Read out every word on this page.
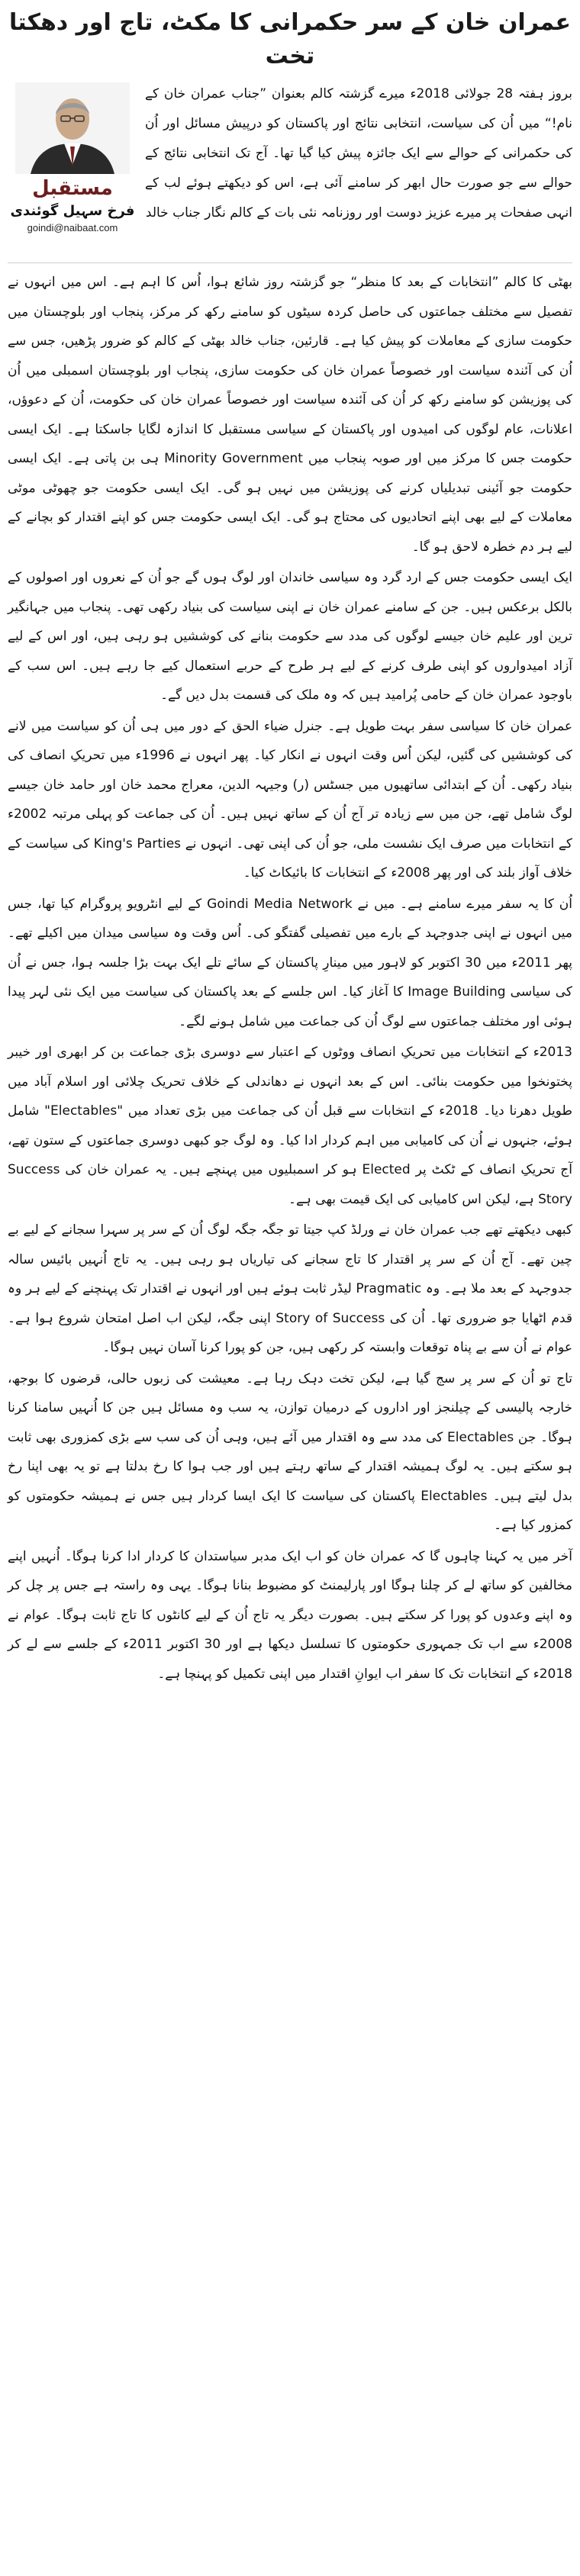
عمران خان کے سر حکمرانی کا مکٹ، تاج اور دھکتا تخت

بروز ہفتہ 28 جولائی 2018ء میرے گزشتہ کالم بعنوان ”جناب عمران خان کے نام!“ میں اُن کی سیاست، انتخابی نتائج اور پاکستان کو درپیش مسائل اور اُن کی حکمرانی کے حوالے سے ایک جائزہ پیش کیا گیا تھا۔ آج تک انتخابی نتائج کے حوالے سے جو صورت حال ابھر کر سامنے آئی ہے، اس کو دیکھتے ہوئے لب کے انہی صفحات پر میرے عزیز دوست اور روزنامہ نئی بات کے کالم نگار جناب خالد

مستقبل
فرخ سہیل گوئندی
goindi@naibaat.com

بھٹی کا کالم ”انتخابات کے بعد کا منظر“ جو گزشتہ روز شائع ہوا، اُس کا اہم ہے۔ اس میں انہوں نے تفصیل سے مختلف جماعتوں کی حاصل کردہ سیٹوں کو سامنے رکھ کر مرکز، پنجاب اور بلوچستان میں حکومت سازی کے معاملات کو پیش کیا ہے۔ قارئین، جناب خالد بھٹی کے کالم کو ضرور پڑھیں، جس سے اُن کی آئندہ سیاست اور خصوصاً عمران خان کی حکومت سازی، پنجاب اور بلوچستان اسمبلی میں اُن کی پوزیشن کو سامنے رکھ کر اُن کی آئندہ سیاست اور خصوصاً عمران خان کی حکومت، اُن کے دعوؤں، اعلانات، عام لوگوں کی امیدوں اور پاکستان کے سیاسی مستقبل کا اندازہ لگایا جاسکتا ہے۔ ایک ایسی حکومت جس کا مرکز میں اور صوبہ پنجاب میں Minority Government ہی بن پاتی ہے۔ ایک ایسی حکومت جو آئینی تبدیلیاں کرنے کی پوزیشن میں نہیں ہو گی۔ ایک ایسی حکومت جو چھوٹی موٹی معاملات کے لیے بھی اپنے اتحادیوں کی محتاج ہو گی۔ ایک ایسی حکومت جس کو اپنے اقتدار کو بچانے کے لیے ہر دم خطرہ لاحق ہو گا۔

ایک ایسی حکومت جس کے ارد گرد وہ سیاسی خاندان اور لوگ ہوں گے جو اُن کے نعروں اور اصولوں کے بالکل برعکس ہیں۔ جن کے سامنے عمران خان نے اپنی سیاست کی بنیاد رکھی تھی۔ پنجاب میں جہانگیر ترین اور علیم خان جیسے لوگوں کی مدد سے حکومت بنانے کی کوششیں ہو رہی ہیں، اور اس کے لیے آزاد امیدواروں کو اپنی طرف کرنے کے لیے ہر طرح کے حربے استعمال کیے جا رہے ہیں۔ اس سب کے باوجود عمران خان کے حامی پُرامید ہیں کہ وہ ملک کی قسمت بدل دیں گے۔

عمران خان کا سیاسی سفر بہت طویل ہے۔ جنرل ضیاء الحق کے دور میں ہی اُن کو سیاست میں لانے کی کوششیں کی گئیں، لیکن اُس وقت انہوں نے انکار کیا۔ پھر انہوں نے 1996ء میں تحریکِ انصاف کی بنیاد رکھی۔ اُن کے ابتدائی ساتھیوں میں جسٹس (ر) وجیہہ الدین، معراج محمد خان اور حامد خان جیسے لوگ شامل تھے، جن میں سے زیادہ تر آج اُن کے ساتھ نہیں ہیں۔ اُن کی جماعت کو پہلی مرتبہ 2002ء کے انتخابات میں صرف ایک نشست ملی، جو اُن کی اپنی تھی۔ انہوں نے King's Parties کی سیاست کے خلاف آواز بلند کی اور پھر 2008ء کے انتخابات کا بائیکاٹ کیا۔

اُن کا یہ سفر میرے سامنے ہے۔ میں نے Goindi Media Network کے لیے انٹرویو پروگرام کیا تھا، جس میں انہوں نے اپنی جدوجہد کے بارے میں تفصیلی گفتگو کی۔ اُس وقت وہ سیاسی میدان میں اکیلے تھے۔ پھر 2011ء میں 30 اکتوبر کو لاہور میں مینارِ پاکستان کے سائے تلے ایک بہت بڑا جلسہ ہوا، جس نے اُن کی سیاسی Image Building کا آغاز کیا۔ اس جلسے کے بعد پاکستان کی سیاست میں ایک نئی لہر پیدا ہوئی اور مختلف جماعتوں سے لوگ اُن کی جماعت میں شامل ہونے لگے۔

2013ء کے انتخابات میں تحریکِ انصاف ووٹوں کے اعتبار سے دوسری بڑی جماعت بن کر ابھری اور خیبر پختونخوا میں حکومت بنائی۔ اس کے بعد انہوں نے دھاندلی کے خلاف تحریک چلائی اور اسلام آباد میں طویل دھرنا دیا۔ 2018ء کے انتخابات سے قبل اُن کی جماعت میں بڑی تعداد میں "Electables" شامل ہوئے، جنہوں نے اُن کی کامیابی میں اہم کردار ادا کیا۔ وہ لوگ جو کبھی دوسری جماعتوں کے ستون تھے، آج تحریکِ انصاف کے ٹکٹ پر Elected ہو کر اسمبلیوں میں پہنچے ہیں۔ یہ عمران خان کی Success Story ہے، لیکن اس کامیابی کی ایک قیمت بھی ہے۔

کبھی دیکھتے تھے جب عمران خان نے ورلڈ کپ جیتا تو جگہ جگہ لوگ اُن کے سر پر سہرا سجانے کے لیے بے چین تھے۔ آج اُن کے سر پر اقتدار کا تاج سجانے کی تیاریاں ہو رہی ہیں۔ یہ تاج اُنہیں بائیس سالہ جدوجہد کے بعد ملا ہے۔ وہ Pragmatic لیڈر ثابت ہوئے ہیں اور انہوں نے اقتدار تک پہنچنے کے لیے ہر وہ قدم اٹھایا جو ضروری تھا۔ اُن کی Story of Success اپنی جگہ، لیکن اب اصل امتحان شروع ہوا ہے۔ عوام نے اُن سے بے پناہ توقعات وابستہ کر رکھی ہیں، جن کو پورا کرنا آسان نہیں ہوگا۔

تاج تو اُن کے سر پر سج گیا ہے، لیکن تخت دہک رہا ہے۔ معیشت کی زبوں حالی، قرضوں کا بوجھ، خارجہ پالیسی کے چیلنجز اور اداروں کے درمیان توازن، یہ سب وہ مسائل ہیں جن کا اُنہیں سامنا کرنا ہوگا۔ جن Electables کی مدد سے وہ اقتدار میں آئے ہیں، وہی اُن کی سب سے بڑی کمزوری بھی ثابت ہو سکتے ہیں۔ یہ لوگ ہمیشہ اقتدار کے ساتھ رہتے ہیں اور جب ہوا کا رخ بدلتا ہے تو یہ بھی اپنا رخ بدل لیتے ہیں۔ Electables پاکستان کی سیاست کا ایک ایسا کردار ہیں جس نے ہمیشہ حکومتوں کو کمزور کیا ہے۔

آخر میں یہ کہنا چاہوں گا کہ عمران خان کو اب ایک مدبر سیاستدان کا کردار ادا کرنا ہوگا۔ اُنہیں اپنے مخالفین کو ساتھ لے کر چلنا ہوگا اور پارلیمنٹ کو مضبوط بنانا ہوگا۔ یہی وہ راستہ ہے جس پر چل کر وہ اپنے وعدوں کو پورا کر سکتے ہیں۔ بصورت دیگر یہ تاج اُن کے لیے کانٹوں کا تاج ثابت ہوگا۔ عوام نے 2008ء سے اب تک جمہوری حکومتوں کا تسلسل دیکھا ہے اور 30 اکتوبر 2011ء کے جلسے سے لے کر 2018ء کے انتخابات تک کا سفر اب ایوانِ اقتدار میں اپنی تکمیل کو پہنچا ہے۔
